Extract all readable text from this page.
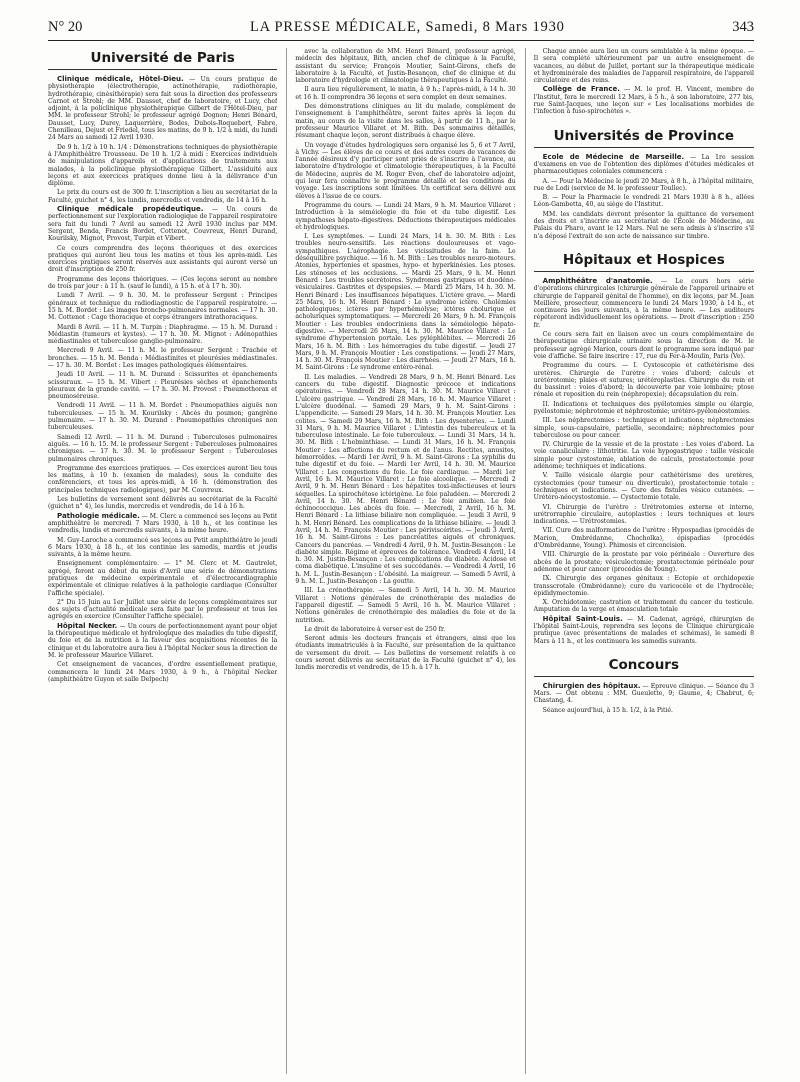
N° 20	LA PRESSE MÉDICALE, Samedi, 8 Mars 1930	343
Université de Paris

Clinique médicale, Hôtel-Dieu. — Un cours pratique de physiothérapie (électrothérapie, actinothérapie, radiothérapie, hydrothérapie, cinésithérapie) sera fait sous la direction des professeurs Carnot et Strohl; de MM. Dausset, chef de laboratoire, et Lucy, chef adjoint, à la policlinique physiothérapique Gilbert de l'Hôtel-Dieu, par MM. le professeur Strohl; le professeur agrégé Dognon; Henri Bénard, Dausset, Lucy, Durey, Laquerrière, Bodes, Dubois-Roquebert, Fabre, Chenilleau, Dejust et Friedel, tous les matins, de 9 h. 1/2 à midi, du lundi 24 Mars au samedi 12 Avril 1930.

De 9 h. 1/2 à 10 h. 1/4 : Démonstrations techniques de physiothérapie à l'Amphithéâtre Trousseau. De 10 h. 1/2 à midi : Exercices individuels de manipulations d'appareils et d'applications de traitements aux malades, à la policlinique physiothérapique Gilbert. L'assiduité aux leçons et aux exercices pratiques donne lieu à la délivrance d'un diplôme.

Le prix du cours est de 300 fr. L'inscription a lieu au secrétariat de la Faculté, guichet n° 4, les lundis, mercredis et vendredis, de 14 à 16 h.

Clinique médicale propédeutique. — Un cours de perfectionnement sur l'exploration radiologique de l'appareil respiratoire sera fait du lundi 7 Avril au samedi 12 Avril 1930 inclus par MM. Sergent, Benda, Francis Bordet, Cottenot, Couvreux, Henri Durand, Kourilsky, Mignot, Provost, Turpin et Vibert.

Ce cours comprendra des leçons théoriques et des exercices pratiques qui auront lieu tous les matins et tous les après-midi. Les exercices pratiques seront réservés aux assistants qui auront versé un droit d'inscription de 250 fr.

Programme des leçons théoriques. — (Ces leçons seront au nombre de trois par jour : à 11 h. (sauf le lundi), à 15 h. et à 17 h. 30).

Lundi 7 Avril. — 9 h. 30. M. le professeur Sergent : Principes généraux et technique du radiodiagnostic de l'appareil respiratoire. — 15 h. M. Bordet : Les images broncho-pulmonaires normales. — 17 h. 30. M. Cottenot : Cage thoracique et corps étrangers intrathoraciques.

Mardi 8 Avril. — 11 h. M. Turpin : Diaphragme. — 15 h. M. Durand : Médiastin (tumeurs et kystes). — 17 h. 30. M. Mignot : Adénopathies médiastinales et tuberculose ganglio-pulmonaire.

Mercredi 9 Avril. — 11 h. M. le professeur Sergent : Trachée et bronches. — 15 h. M. Benda : Médiastinites et pleurésies médiastinales. — 17 h. 30. M. Bordet : Les images pathologiques élémentaires.

Jeudi 10 Avril. — 11 h. M. Durand : Scissurites et épanchements scissuraux. — 15 h. M. Vibert : Pleurésies sèches et épanchements pleuraux de la grande cavité. — 17 h. 30. M. Provost : Pneumothorax et pneumoséreuse.

Vendredi 11 Avril. — 11 h. M. Bordet : Pneumopathies aiguës non tuberculeuses. — 15 h. M. Kourilsky : Abcès du poumon; gangrène pulmonaire. — 17 h. 30. M. Durand : Pneumopathies chroniques non tuberculeuses.

Samedi 12 Avril. — 11 h. M. Durand : Tuberculoses pulmonaires aiguës. — 16 h. 15. M. le professeur Sergent : Tuberculoses pulmonaires chroniques. — 17 h. 30. M. le professeur Sergent : Tuberculoses pulmonaires chroniques.

Programme des exercices pratiques. — Ces exercices auront lieu tous les matins, à 10 h. (examen de malades), sous la conduite des conférenciers, et tous les après-midi, à 16 h. (démonstration des principales techniques radiologiques), par M. Couvreux.

Les bulletins de versement sont délivrés au secrétariat de la Faculté (guichet n° 4), les lundis, mercredis et vendredis, de 14 à 16 h.

Pathologie médicale. — M. Clerc a commencé ses leçons au Petit amphithéâtre le mercredi 7 Mars 1930, à 18 h., et les continue les vendredis, lundis et mercredis suivants, à la même heure.

M. Guy-Laroche a commencé ses leçons au Petit amphithéâtre le jeudi 6 Mars 1930, à 18 h., et les continue les samedis, mardis et jeudis suivants, à la même heure.

Enseignement complémentaire. — 1° M. Clerc et M. Gautrelet, agrégé, feront au début du mois d'Avril une série de démonstrations pratiques de médecine expérimentale et d'électrocardiographie expérimentale et clinique relatives à la pathologie cardiaque (Consulter l'affiche spéciale).

2° Du 15 Juin au 1er Juillet une série de leçons complémentaires sur des sujets d'actualité médicale sera faite par le professeur et tous les agrégés en exercice (Consulter l'affiche spéciale).

Hôpital Necker. — Un cours de perfectionnement ayant pour objet la thérapeutique médicale et hydrologique des maladies du tube digestif, du foie et de la nutrition à la faveur des acquisitions récentes de la clinique et du laboratoire aura lieu à l'hôpital Necker sous la direction de M. le professeur Maurice Villaret.

Cet enseignement de vacances, d'ordre essentiellement pratique, commencera le lundi 24 Mars 1930, à 9 h., à l'hôpital Necker (amphithéâtre Guyon et salle Delpech)

avec la collaboration de MM. Henri Bénard, professeur agrégé, médecin des hôpitaux, Bith, ancien chef de clinique à la Faculté, assistant du service; François Moutier, Saint-Girons, chefs de laboratoire à la Faculté, et Justin-Besançon, chef de clinique et du laboratoire d'hydrologie et climatologie thérapeutiques à la Faculté.

Il aura lieu régulièrement, le matin, à 9 h.; l'après-midi, à 14 h. 30 et 16 h. Il comprendra 36 leçons et sera complet en deux semaines.

Des démonstrations cliniques au lit du malade, complément de l'enseignement à l'amphithéâtre, seront faites après la leçon du matin, au cours de la visite dans les salles, à partir de 11 h., par le professeur Maurice Villaret et M. Bith. Des sommaires détaillés, résumant chaque leçon, seront distribués à chaque élève.

Un voyage d'études hydrologiques sera organisé les 5, 6 et 7 Avril, à Vichy. — Les élèves de ce cours et des autres cours de vacances de l'année désireux d'y participer sont priés de s'inscrire à l'avance, au laboratoire d'hydrologie et climatologie thérapeutiques, à la Faculté de Médecine, auprès de M. Roger Even, chef de laboratoire adjoint, qui leur fera connaître le programme détaillé et les conditions du voyage. Les inscriptions sont limitées. Un certificat sera délivré aux élèves à l'issue de ce cours.

Programme du cours. — Lundi 24 Mars, 9 h. M. Maurice Villaret : Introduction à la séméiologie du foie et du tube digestif. Les sympathoses hépato-digestives. Déductions thérapeutiques médicales et hydrologiques.

I. Les symptômes. — Lundi 24 Mars, 14 h. 30. M. Bith : Les troubles neuro-sensitifs. Les réactions douloureuses et vago-sympathiques. L'aérophagie. Les vicissitudes de la faim. Le déséquilibre psychique. — 16 h. M. Bith : Les troubles neuro-moteurs. Atonies, hypertonies et spasmes, hypo- et hyperkinésies. Les ptoses. Les sténoses et les occlusions. — Mardi 25 Mars, 9 h. M. Henri Bénard : Les troubles sécrétoires. Syndromes gastriques et duodéno-vésiculaires. Gastrites et dyspepsies. — Mardi 25 Mars, 14 h. 30. M. Henri Bénard : Les insuffisances hépatiques. L'ictère grave. — Mardi 25 Mars, 16 h. M. Henri Bénard : Le syndrome ictère. Cholémies pathologiques; ictères par hyperhémolyse; ictères cholurique et acholuriques symptomatiques. — Mercredi 26 Mars, 9 h. M. François Moutier : Les troubles endocriniens dans la séméiologie hépato-digestive. — Mercredi 26 Mars, 14 h. 30. M. Maurice Villaret : Le syndrome d'hypertension portale. Les pyléphlébites. — Mercredi 26 Mars, 16 h. M. Bith : Les hémorragies du tube digestif. — Jeudi 27 Mars, 9 h. M. François Moutier : Les constipations. — Jeudi 27 Mars, 14 h. 30. M. François Moutier : Les diarrhées. — Jeudi 27 Mars, 16 h. M. Saint-Girons : Le syndrome entéro-rénal.

II. Les maladies. — Vendredi 28 Mars, 9 h. M. Henri Bénard. Les cancers du tube digestif. Diagnostic précoce et indications opératoires. — Vendredi 28 Mars, 14 h. 30. M. Maurice Villaret : L'ulcère gastrique. — Vendredi 28 Mars, 16 h. M. Maurice Villaret : L'ulcère duodénal. — Samedi 29 Mars, 9 h. M. Saint-Girons : L'appendicite. — Samedi 29 Mars, 14 h. 30. M. François Moutier. Les colites. — Samedi 29 Mars, 16 h. M. Bith : Les dysenteries. — Lundi 31 Mars, 9 h. M. Maurice Villaret : L'intestin des tuberculeux et la tuberculose intestinale. Le foie tuberculeux. — Lundi 31 Mars, 14 h. 30. M. Bith : L'helminthiase. — Lundi 31 Mars, 16 h. M. François Moutier : Les affections du rectum et de l'anus. Rectites, anusites, hémorroïdes. — Mardi 1er Avril, 9 h. M. Saint-Girons : La syphilis du tube digestif et du foie. — Mardi 1er Avril, 14 h. 30. M. Maurice Villaret : Les congestions du foie. Le foie cardiaque. — Mardi 1er Avril, 16 h. M. Maurice Villaret : Le foie alcoolique. — Mercredi 2 Avril, 9 h. M. Henri Bénard : Les hépatites toxi-infectieuses et leurs séquelles. La spirochétose ictérigène. Le foie paludéen. — Mercredi 2 Avril, 14 h. 30. M. Henri Bénard : Le foie amibien. Le foie échinococcique. Les abcès du foie. — Mercredi, 2 Avril, 16 h. M. Henri Bénard : La lithiase biliaire non compliquée. — Jeudi 3 Avril, 9 h. M. Henri Bénard. Les complications de la lithiase biliaire. — Jeudi 3 Avril, 14 h. M. François Moutier : Les périviscérites. — Jeudi 3 Avril, 16 h. M. Saint-Girons : Les pancréatites aiguës et chroniques. Cancers du pancréas. — Vendredi 4 Avril, 9 h. M. Justin-Besançon : Le diabète simple. Régime et épreuves de tolérance. Vendredi 4 Avril, 14 h. 30. M. Justin-Besançon : Les complications du diabète. Acidose et coma diabétique. L'insuline et ses succédanés. — Vendredi 4 Avril, 16 h. M. L. Justin-Besançon : L'obésité. La maigreur. — Samedi 5 Avril, à 9 h. M. L. Justin-Besançon : La goutte.

III. La crénothérapie. — Samedi 5 Avril, 14 h. 30. M. Maurice Villaret : Notions générales de crénothérapie des maladies de l'appareil digestif. — Samedi 5 Avril, 16 h. M. Maurice Villaret : Notions générales de crénothérapie des maladies du foie et de la nutrition.

Le droit de laboratoire à verser est de 250 fr.

Seront admis les docteurs français et étrangers, ainsi que les étudiants immatriculés à la Faculté, sur présentation de la quittance de versement du droit. — Les bulletins de versement relatifs à ce cours seront délivrés au secrétariat de la Faculté (guichet n° 4), les lundis mercredis et vendredis, de 15 h. à 17 h.

Chaque année aura lieu un cours semblable à la même époque. — Il sera complété ultérieurement par un autre enseignement de vacances, au début de Juillet, portant sur la thérapeutique médicale et hydrominérale des maladies de l'appareil respiratoire, de l'appareil circulatoire et des reins.

Collège de France. — M. le prof. H. Vincent, membre de l'Institut, fera le mercredi 12 Mars, à 5 h., à son laboratoire, 277 bis, rue Saint-Jacques, une leçon sur « Les localisations morbides de l'infection à fuso-spirochètes ».

Universités de Province

Ecole de Médecine de Marseille. — La 1re session d'examens en vue de l'obtention des diplômes d'études médicales et pharmaceutiques coloniales commencera :

A. — Pour la Médecine le jeudi 20 Mars, à 8 h., à l'hôpital militaire, rue de Lodi (service de M. le professeur Toullec).

B. — Pour la Pharmacie le vendredi 21 Mars 1930 à 8 h., allées Léon-Gambetta, 40, au siège de l'Institut.

MM. les candidats devront présenter la quittance de versement des droits et s'inscrire au secrétariat de l'Ecole de Médecine, au Palais du Pharo, avant le 12 Mars. Nul ne sera admis à s'inscrire s'il n'a déposé l'extrait de son acte de naissance sur timbre.

Hôpitaux et Hospices

Amphithéâtre d'anatomie. — Le cours hors série d'opérations chirurgicales (chirurgie générale de l'appareil urinaire et chirurgie de l'appareil génital de l'homme), en dix leçons, par M. Jean Meillère, prosecteur, commencera le lundi 24 Mars 1930, à 14 h., et continuera les jours suivants, à la même heure. — Les auditeurs répéteront individuellement les opérations. — Droit d'inscription : 250 fr.

Ce cours sera fait en liaison avec un cours complémentaire de thérapeutique chirurgicale urinaire sous la direction de M. le professeur agrégé Marion, cours dont le programme sera indiqué par voie d'affiche. Se faire inscrire : 17, rue du Fer-à-Moulin, Paris (Ve).

Programme du cours. — I. Cystoscopie et cathétérisme des uretères. Chirurgie de l'urètre : voies d'abord; calculs et urétérotomie; plaies et sutures; urétéroplasties. Chirurgie du rein et du bassinet : voies d'abord; la découverte par voie lombaire; ptose rénale et reposition du rein (néphropexie); décapsulation du rein.

II. Indications et techniques des pyélotomies simple ou élargie, pyélostomie; néphrotomie et néphrostomie; urétéro-pyélonéostomies.

III. Les néphrectomies : techniques et indications; néphrectomies simple, sous-capsulaire, partielle, secondaire; néphrectomies pour tuberculose ou pour cancer.

IV. Chirurgie de la vessie et de la prostate : Les voies d'abord. La voie canaliculaire : lithotritie. La voie hypogastrique : taille vésicale simple pour cystostomie, ablation de calculs, prostatectomie pour adénome; techniques et indications.

V. Taille vésicale élargie pour cathétérisme des uretères, cystectomies (pour tumeur ou diverticule), prostatectomie totale : techniques et indications. — Cure des fistules vésico cutanées. — Urétéro-néocystostomie. — Cystectomie totale.

VI. Chirurgie de l'urètre : Urétrotomies externe et interne, urétrorraphie circulaire, autoplasties : leurs techniques et leurs indications. — Urétrostomies.

VII. Cure des malformations de l'urètre : Hypospadias (procédés de Marion, Ombrédanne, Chocholka), épispadias (procédés d'Ombrédanne, Young). Phimosis et circoncision.

VIII. Chirurgie de la prostate par voie périnéale : Ouverture des abcès de la prostate; vésiculectomie; prostatectomie périnéale pour adénome et pour cancer (procédés de Young).

IX. Chirurgie des organes génitaux : Ectopie et orchidopexie transscrotale (Ombrédanne); cure du varicocèle et de l'hydrocèle; épididymectomie.

X. Orchidotomie; castration et traitement du cancer du testicule. Amputation de la verge et émasculation totale

Hôpital Saint-Louis. — M. Cadenat, agrégé, chirurgien de l'hôpital Saint-Louis, reprendra ses leçons de Clinique chirurgicale pratique (avec présentations de malades et schémas), le samedi 8 Mars à 11 h., et les continuera les samedis suivants.

Concours

Chirurgien des hôpitaux. — Epreuve clinique. — Séance du 3 Mars. — Ont obtenu : MM. Gueulette, 9; Gaume, 4; Chabrut, 6; Chastang, 4.

Séance aujourd'hui, à 15 h. 1/2, à la Pitié.
